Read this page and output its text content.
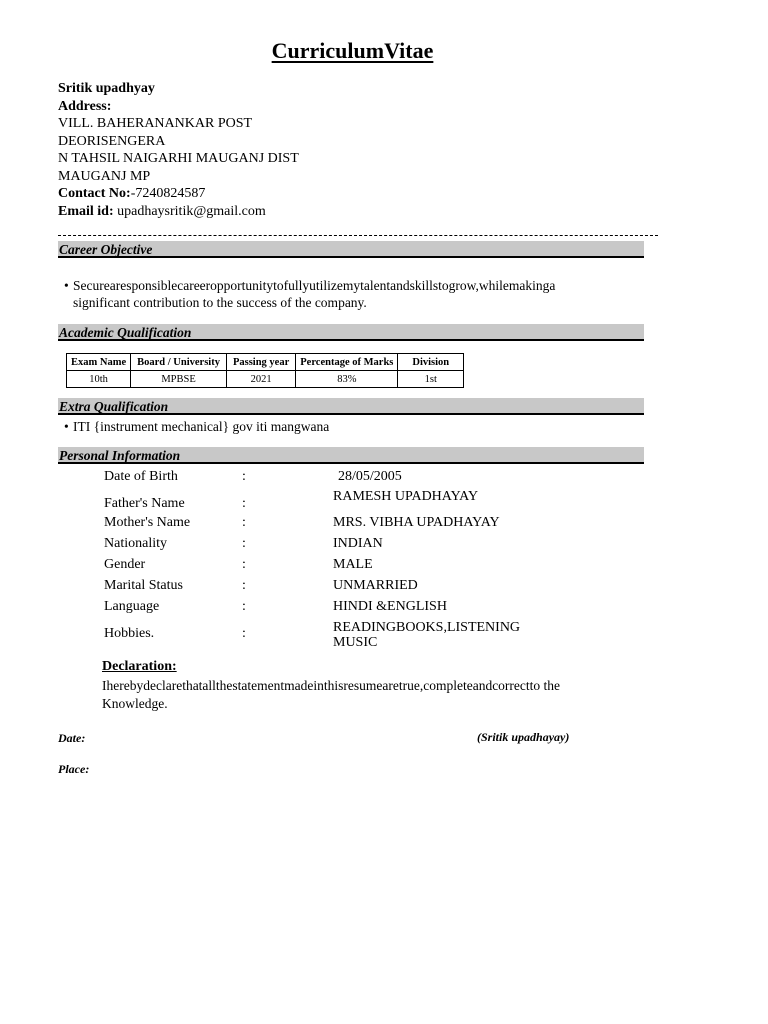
CurriculumVitae
Sritik upadhyay
Address:
VILL. BAHERANANKAR POST
DEORISENGERA
N TAHSIL NAIGARHI MAUGANJ DIST
MAUGANJ MP
Contact No:-7240824587
Email id: upadhaysritik@gmail.com
Career Objective
• Securearesponsiblecareeropportunitytofullyutilizemytalentandskillstogrow,whilemakinga
significant contribution to the success of the company.
Academic Qualification
Exam Name	Board / University	Passing year	Percentage of Marks	Division
10th	MPBSE	2021	83%	1st
Extra Qualification
• ITI {instrument mechanical} gov iti mangwana
Personal Information
Date of Birth	:	28/05/2005
Father's Name	:	RAMESH UPADHAYAY
Mother's Name	:	MRS. VIBHA UPADHAYAY
Nationality	:	INDIAN
Gender	:	MALE
Marital Status	:	UNMARRIED
Language	:	HINDI &ENGLISH
Hobbies.	:	READINGBOOKS,LISTENING
MUSIC
Declaration:
Iherebydeclarethatallthestatementmadeinthisresumearetrue,completeandcorrectto the
Knowledge.
Date:	(Sritik upadhayay)
Place:
